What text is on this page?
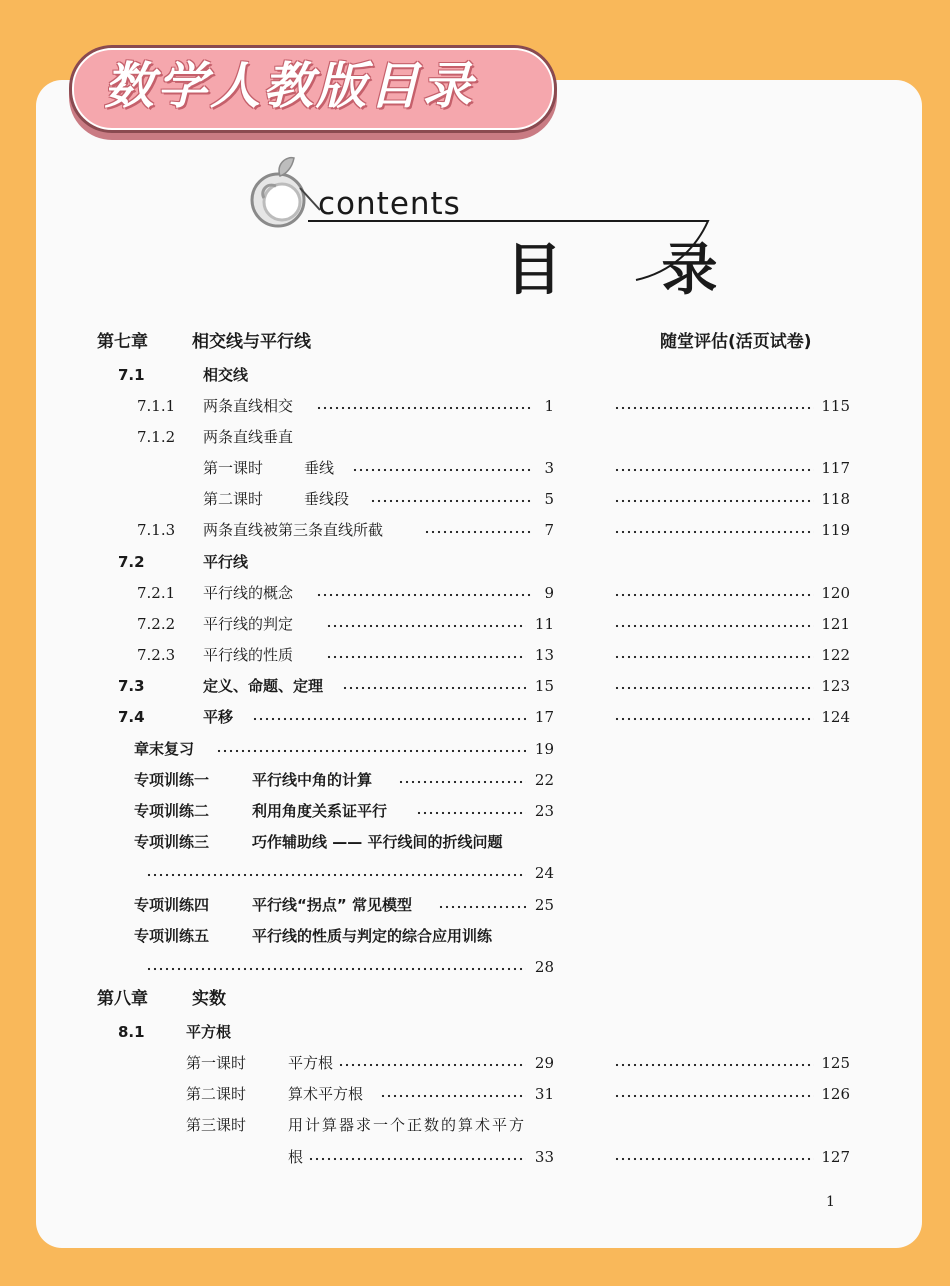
数学人教版目录
contents
目 录
第七章	相交线与平行线	随堂评估(活页试卷)
7.1	相交线
7.1.1 两条直线相交	1	115
7.1.2 两条直线垂直
第一课时	垂线	3	117
第二课时	垂线段	5	118
7.1.3 两条直线被第三条直线所截	7	119
7.2	平行线
7.2.1 平行线的概念	9	120
7.2.2 平行线的判定	11	121
7.2.3 平行线的性质	13	122
7.3	定义、命题、定理	15	123
7.4	平移	17	124
章末复习	19
专项训练一	平行线中角的计算	22
专项训练二	利用角度关系证平行	23
专项训练三	巧作辅助线 —— 平行线间的折线问题
24
专项训练四	平行线“拐点” 常见模型	25
专项训练五	平行线的性质与判定的综合应用训练
28
第八章	实数
8.1	平方根
第一课时	平方根	29	125
第二课时	算术平方根	31	126
第三课时	用计算器求一个正数的算术平方
根	33	127
1
